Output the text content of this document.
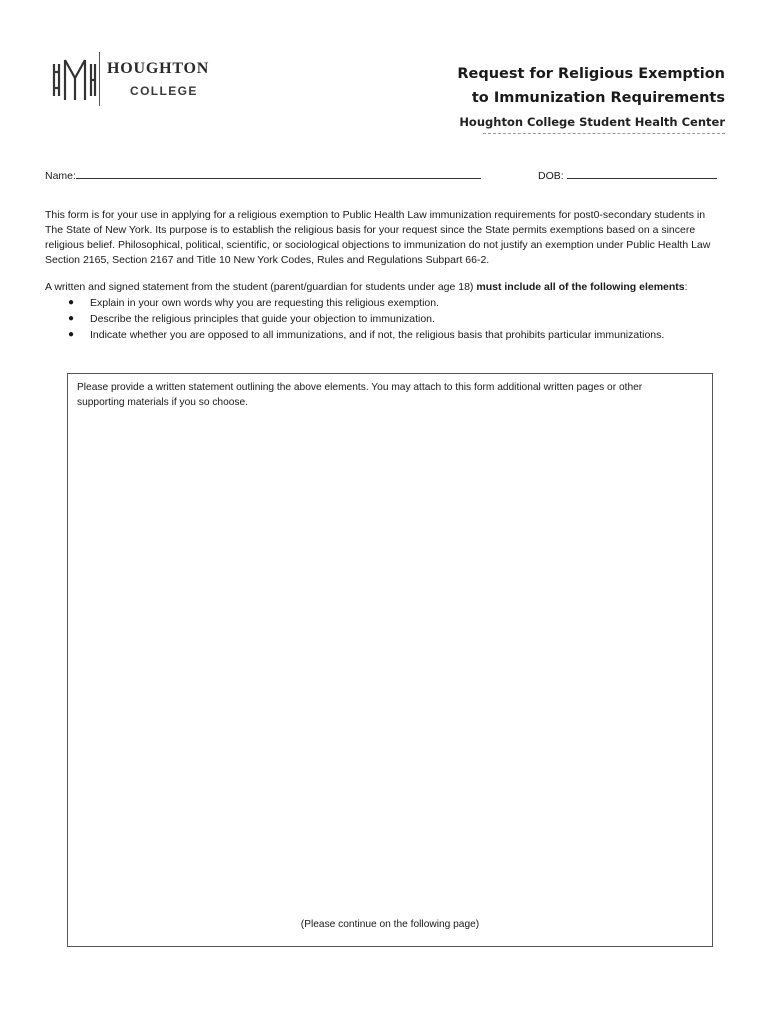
HOUGHTON
COLLEGE
Request for Religious Exemption
to Immunization Requirements
Houghton College Student Health Center
Name:	DOB:
This form is for your use in applying for a religious exemption to Public Health Law immunization requirements for post0-secondary students in The State of New York. Its purpose is to establish the religious basis for your request since the State permits exemptions based on a sincere religious belief. Philosophical, political, scientific, or sociological objections to immunization do not justify an exemption under Public Health Law Section 2165, Section 2167 and Title 10 New York Codes, Rules and Regulations Subpart 66-2.
A written and signed statement from the student (parent/guardian for students under age 18) must include all of the following elements:
● Explain in your own words why you are requesting this religious exemption.
● Describe the religious principles that guide your objection to immunization.
● Indicate whether you are opposed to all immunizations, and if not, the religious basis that prohibits particular immunizations.
Please provide a written statement outlining the above elements. You may attach to this form additional written pages or other supporting materials if you so choose.
(Please continue on the following page)
